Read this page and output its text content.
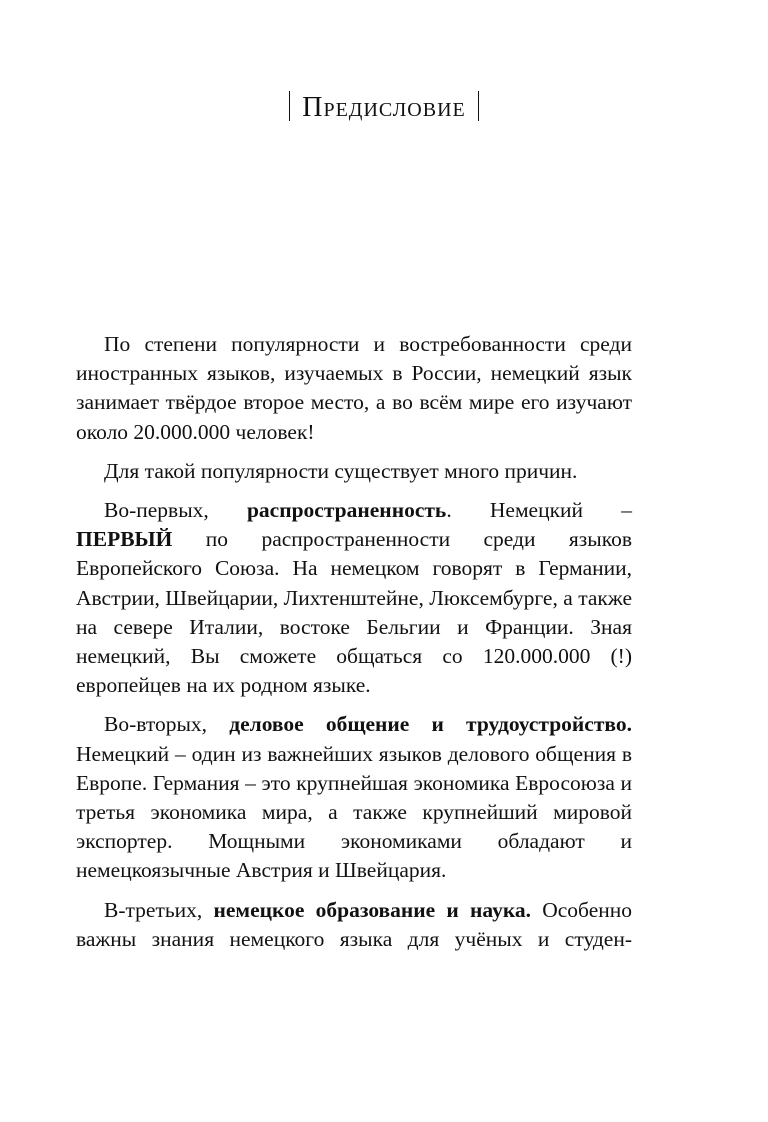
Предисловие

По степени популярности и востребованности среди иностранных языков, изучаемых в России, немецкий язык занимает твёрдое второе место, а во всём мире его изучают около 20.000.000 человек!

Для такой популярности существует много причин.

Во-первых, распространенность. Немецкий – ПЕРВЫЙ по распространенности среди языков Европейского Союза. На немецком говорят в Германии, Австрии, Швейцарии, Лихтенштейне, Люксембурге, а также на севере Италии, востоке Бельгии и Франции. Зная немецкий, Вы сможете общаться со 120.000.000 (!) европейцев на их родном языке.

Во-вторых, деловое общение и трудоустройство. Немецкий – один из важнейших языков делового общения в Европе. Германия – это крупнейшая экономика Евросоюза и третья экономика мира, а также крупнейший мировой экспортер. Мощными экономиками обладают и немецкоязычные Австрия и Швейцария.

В-третьих, немецкое образование и наука. Особенно важны знания немецкого языка для учёных и студен-
